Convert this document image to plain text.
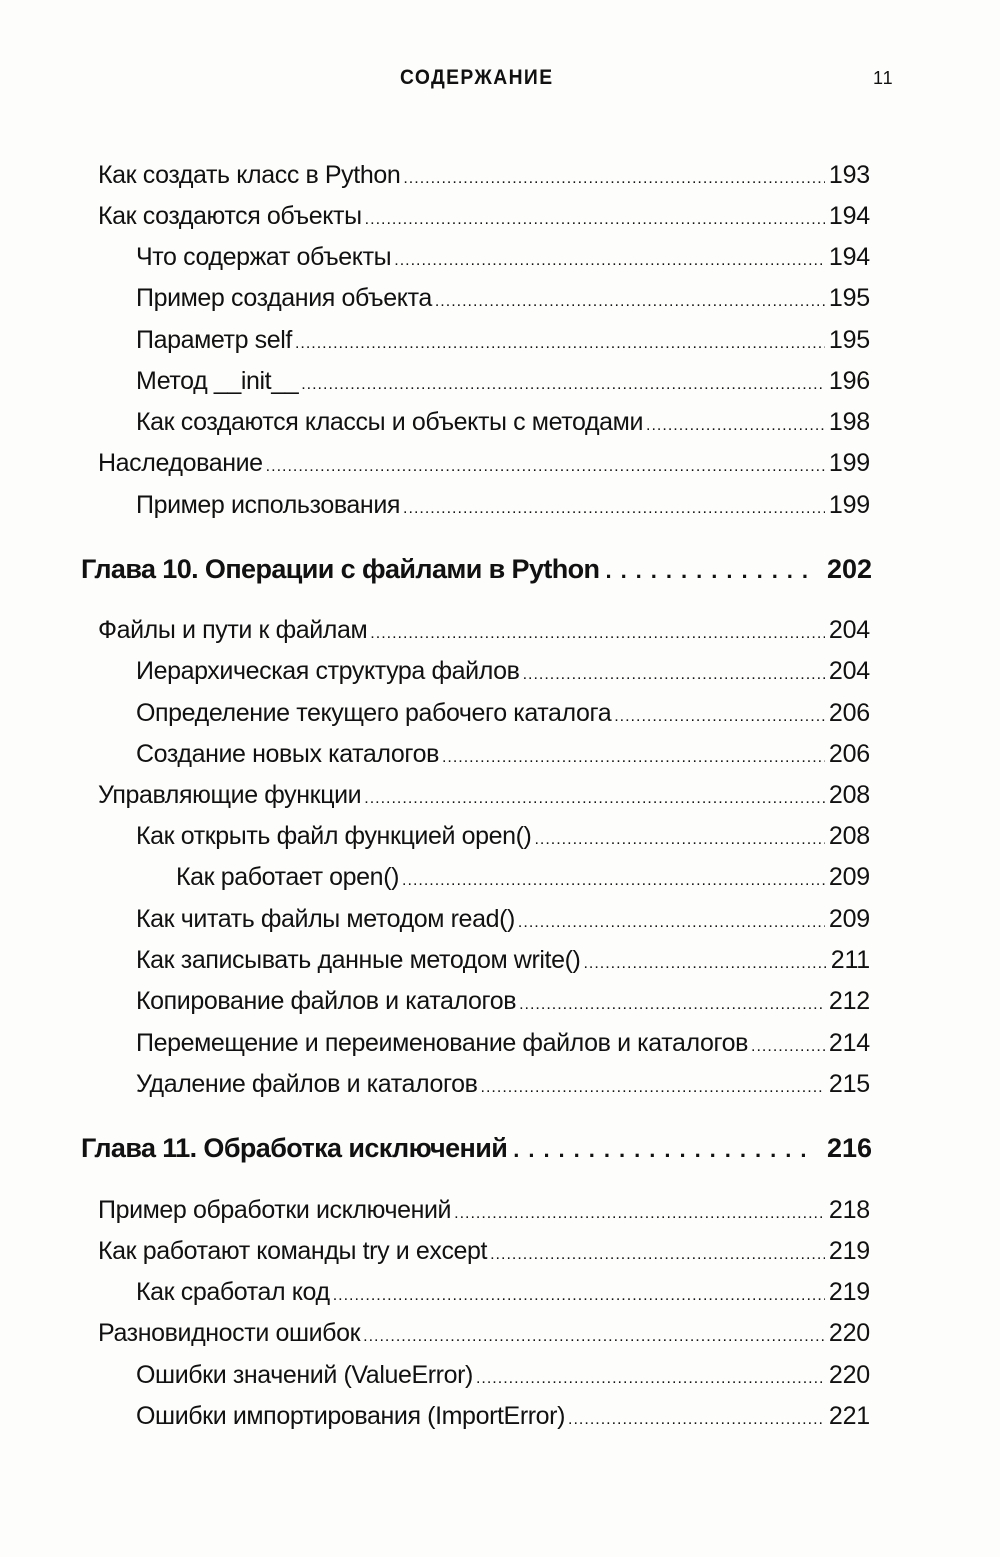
СОДЕРЖАНИЕ	11
Как создать класс в Python .....	193
Как создаются объекты .....	194
Что содержат объекты .....	194
Пример создания объекта .....	195
Параметр self .....	195
Метод __init__ .....	196
Как создаются классы и объекты с методами .....	198
Наследование .....	199
Пример использования .....	199
Глава 10. Операции с файлами в Python .....	202
Файлы и пути к файлам .....	204
Иерархическая структура файлов .....	204
Определение текущего рабочего каталога .....	206
Создание новых каталогов .....	206
Управляющие функции .....	208
Как открыть файл функцией open() .....	208
Как работает open() .....	209
Как читать файлы методом read() .....	209
Как записывать данные методом write() .....	211
Копирование файлов и каталогов .....	212
Перемещение и переименование файлов и каталогов .....	214
Удаление файлов и каталогов .....	215
Глава 11. Обработка исключений .....	216
Пример обработки исключений .....	218
Как работают команды try и except .....	219
Как сработал код .....	219
Разновидности ошибок .....	220
Ошибки значений (ValueError) .....	220
Ошибки импортирования (ImportError) .....	221
